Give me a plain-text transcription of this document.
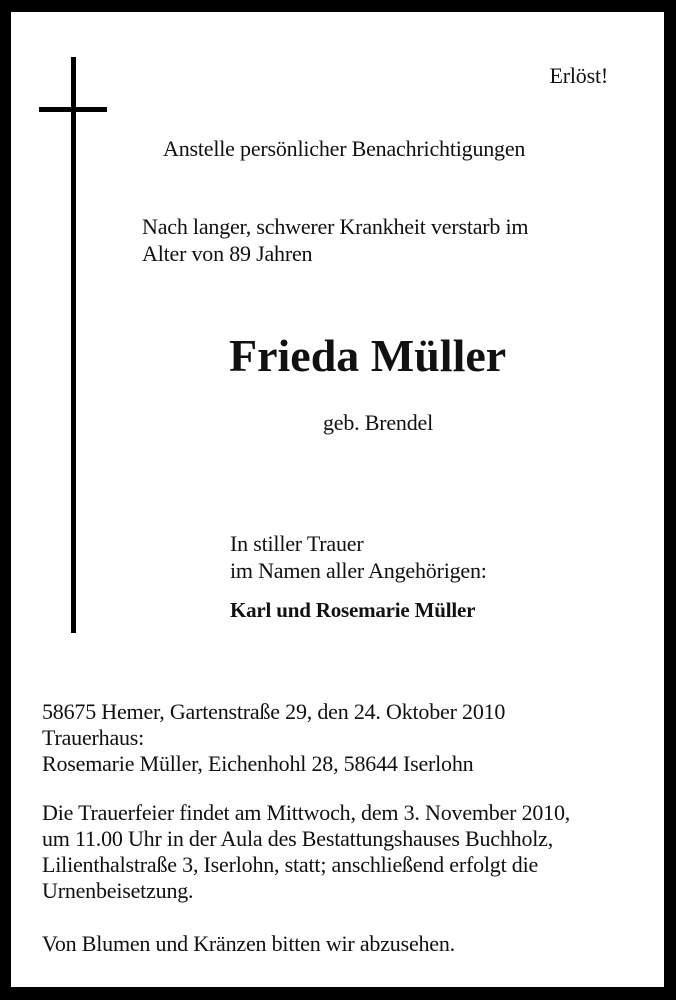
Erlöst!
Anstelle persönlicher Benachrichtigungen
Nach langer, schwerer Krankheit verstarb im
Alter von 89 Jahren
Frieda Müller
geb. Brendel
In stiller Trauer
im Namen aller Angehörigen:
Karl und Rosemarie Müller
58675 Hemer, Gartenstraße 29, den 24. Oktober 2010
Trauerhaus:
Rosemarie Müller, Eichenhohl 28, 58644 Iserlohn
Die Trauerfeier findet am Mittwoch, dem 3. November 2010,
um 11.00 Uhr in der Aula des Bestattungshauses Buchholz,
Lilienthalstraße 3, Iserlohn, statt; anschließend erfolgt die
Urnenbeisetzung.
Von Blumen und Kränzen bitten wir abzusehen.
